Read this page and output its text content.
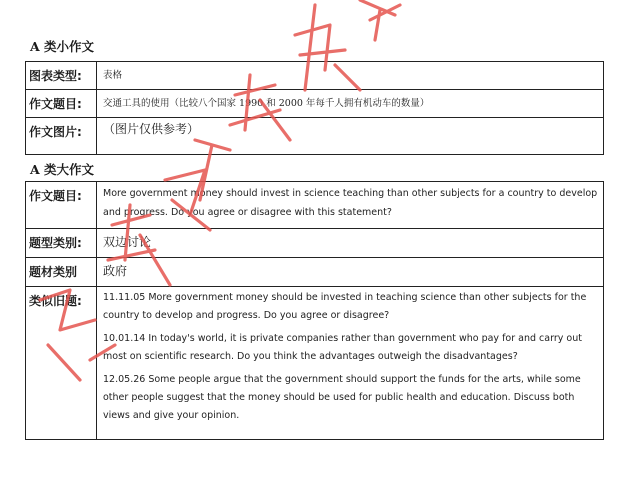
A 类小作文
图表类型:	表格
作文题目:	交通工具的使用（比较八个国家 1990 和 2000 年每千人拥有机动车的数量）
作文图片:	（图片仅供参考）
A 类大作文
作文题目:	More government money should invest in science teaching than other subjects for a country to develop and progress. Do you agree or disagree with this statement?
题型类别:	双边讨论
题材类别	政府
类似旧题:	11.11.05 More government money should be invested in teaching science than other subjects for the country to develop and progress. Do you agree or disagree?

10.01.14 In today's world, it is private companies rather than government who pay for and carry out most on scientific research. Do you think the advantages outweigh the disadvantages?

12.05.26 Some people argue that the government should support the funds for the arts, while some other people suggest that the money should be used for public health and education. Discuss both views and give your opinion.
